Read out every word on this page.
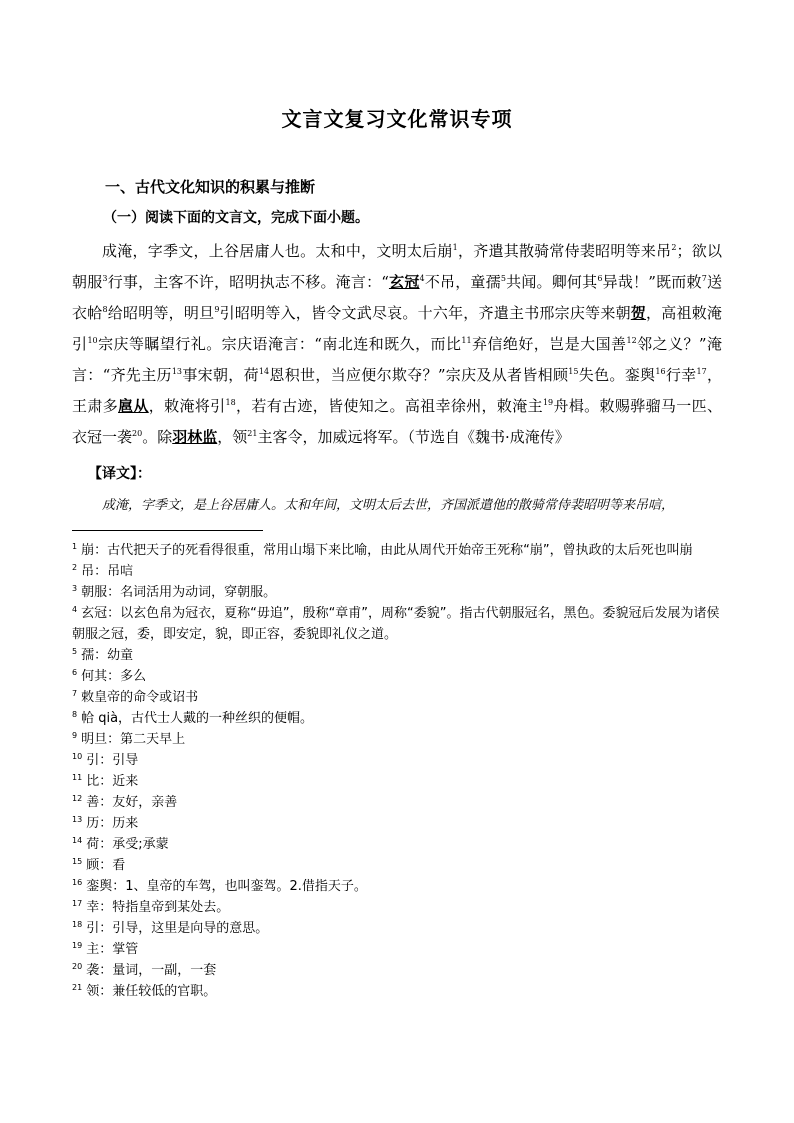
文言文复习文化常识专项
一、古代文化知识的积累与推断
（一）阅读下面的文言文，完成下面小题。

成淹，字季文，上谷居庸人也。太和中，文明太后崩$^1$，齐遣其散骑常侍裴昭明等来吊$^2$；欲以朝服$^3$行事，主客不许，昭明执志不移。淹言：“玄冠$^4$不吊，童孺$^5$共闻。卿何其$^6$异哉！”既而敕$^7$送衣帢$^8$给昭明等，明旦$^9$引昭明等入，皆令文武尽哀。十六年，齐遣主书邢宗庆等来朝贺，高祖敕淹引$^{10}$宗庆等瞩望行礼。宗庆语淹言：“南北连和既久，而比$^{11}$弃信绝好，岂是大国善$^{12}$邻之义？”淹言：“齐先主历$^{13}$事宋朝，荷$^{14}$恩积世，当应便尔欺夺？”宗庆及从者皆相顾$^{15}$失色。銮舆$^{16}$行幸$^{17}$，王肃多扈从，敕淹将引$^{18}$，若有古迹，皆使知之。高祖幸徐州，敕淹主$^{19}$舟楫。敕赐骅骝马一匹、衣冠一袭$^{20}$。除羽林监，领$^{21}$主客令，加威远将军。（节选自《魏书·成淹传》

【译文】：
成淹，字季文，是上谷居庸人。太和年间，文明太后去世，齐国派遣他的散骑常侍裴昭明等来吊唁，
$^1$ 崩：古代把天子的死看得很重，常用山塌下来比喻，由此从周代开始帝王死称“崩”，曾执政的太后死也叫崩
$^2$ 吊：吊唁
$^3$ 朝服：名词活用为动词，穿朝服。
$^4$ 玄冠：以玄色帛为冠衣，夏称“毋追”，殷称“章甫”，周称“委貌”。指古代朝服冠名，黑色。委貌冠后发展为诸侯朝服之冠，委，即安定，貌，即正容，委貌即礼仪之道。
$^5$ 孺：幼童
$^6$ 何其：多么
$^7$ 敕皇帝的命令或诏书
$^8$ 帢 qià，古代士人戴的一种丝织的便帽。
$^9$ 明旦：第二天早上
$^{10}$ 引：引导
$^{11}$ 比：近来
$^{12}$ 善：友好，亲善
$^{13}$ 历：历来
$^{14}$ 荷：承受;承蒙
$^{15}$ 顾：看
$^{16}$ 銮舆：1、皇帝的车驾，也叫銮驾。2.借指天子。
$^{17}$ 幸：特指皇帝到某处去。
$^{18}$ 引：引导，这里是向导的意思。
$^{19}$ 主：掌管
$^{20}$ 袭：量词，一副，一套
$^{21}$ 领：兼任较低的官职。
